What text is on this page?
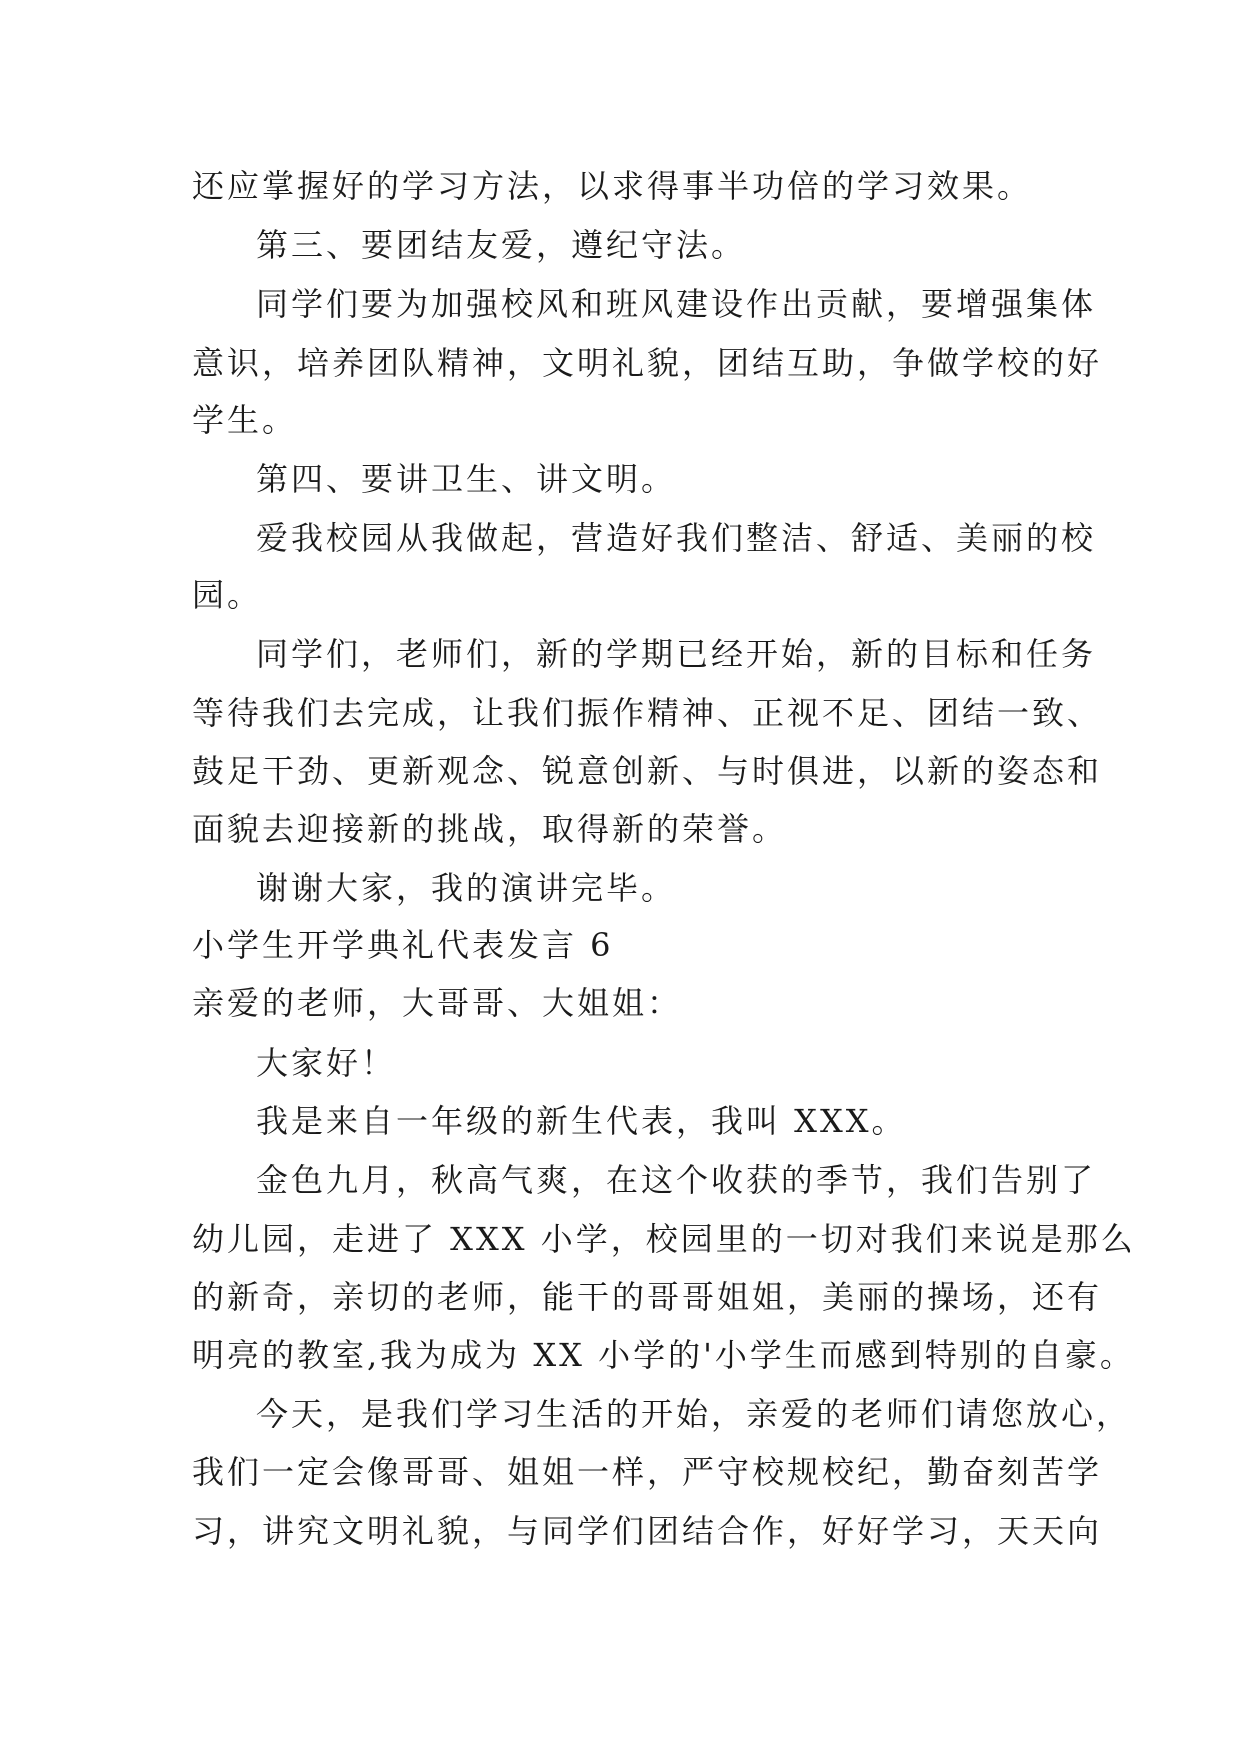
还应掌握好的学习方法，以求得事半功倍的学习效果。
第三、要团结友爱，遵纪守法。
同学们要为加强校风和班风建设作出贡献，要增强集体
意识，培养团队精神，文明礼貌，团结互助，争做学校的好
学生。
第四、要讲卫生、讲文明。
爱我校园从我做起，营造好我们整洁、舒适、美丽的校
园。
同学们，老师们，新的学期已经开始，新的目标和任务
等待我们去完成，让我们振作精神、正视不足、团结一致、
鼓足干劲、更新观念、锐意创新、与时俱进，以新的姿态和
面貌去迎接新的挑战，取得新的荣誉。
谢谢大家，我的演讲完毕。
小学生开学典礼代表发言 6
亲爱的老师，大哥哥、大姐姐：
大家好！
我是来自一年级的新生代表，我叫 XXX。
金色九月，秋高气爽，在这个收获的季节，我们告别了
幼儿园，走进了 XXX 小学，校园里的一切对我们来说是那么
的新奇，亲切的老师，能干的哥哥姐姐，美丽的操场，还有
明亮的教室,我为成为 XX 小学的'小学生而感到特别的自豪。
今天，是我们学习生活的开始，亲爱的老师们请您放心，
我们一定会像哥哥、姐姐一样，严守校规校纪，勤奋刻苦学
习，讲究文明礼貌，与同学们团结合作，好好学习，天天向
